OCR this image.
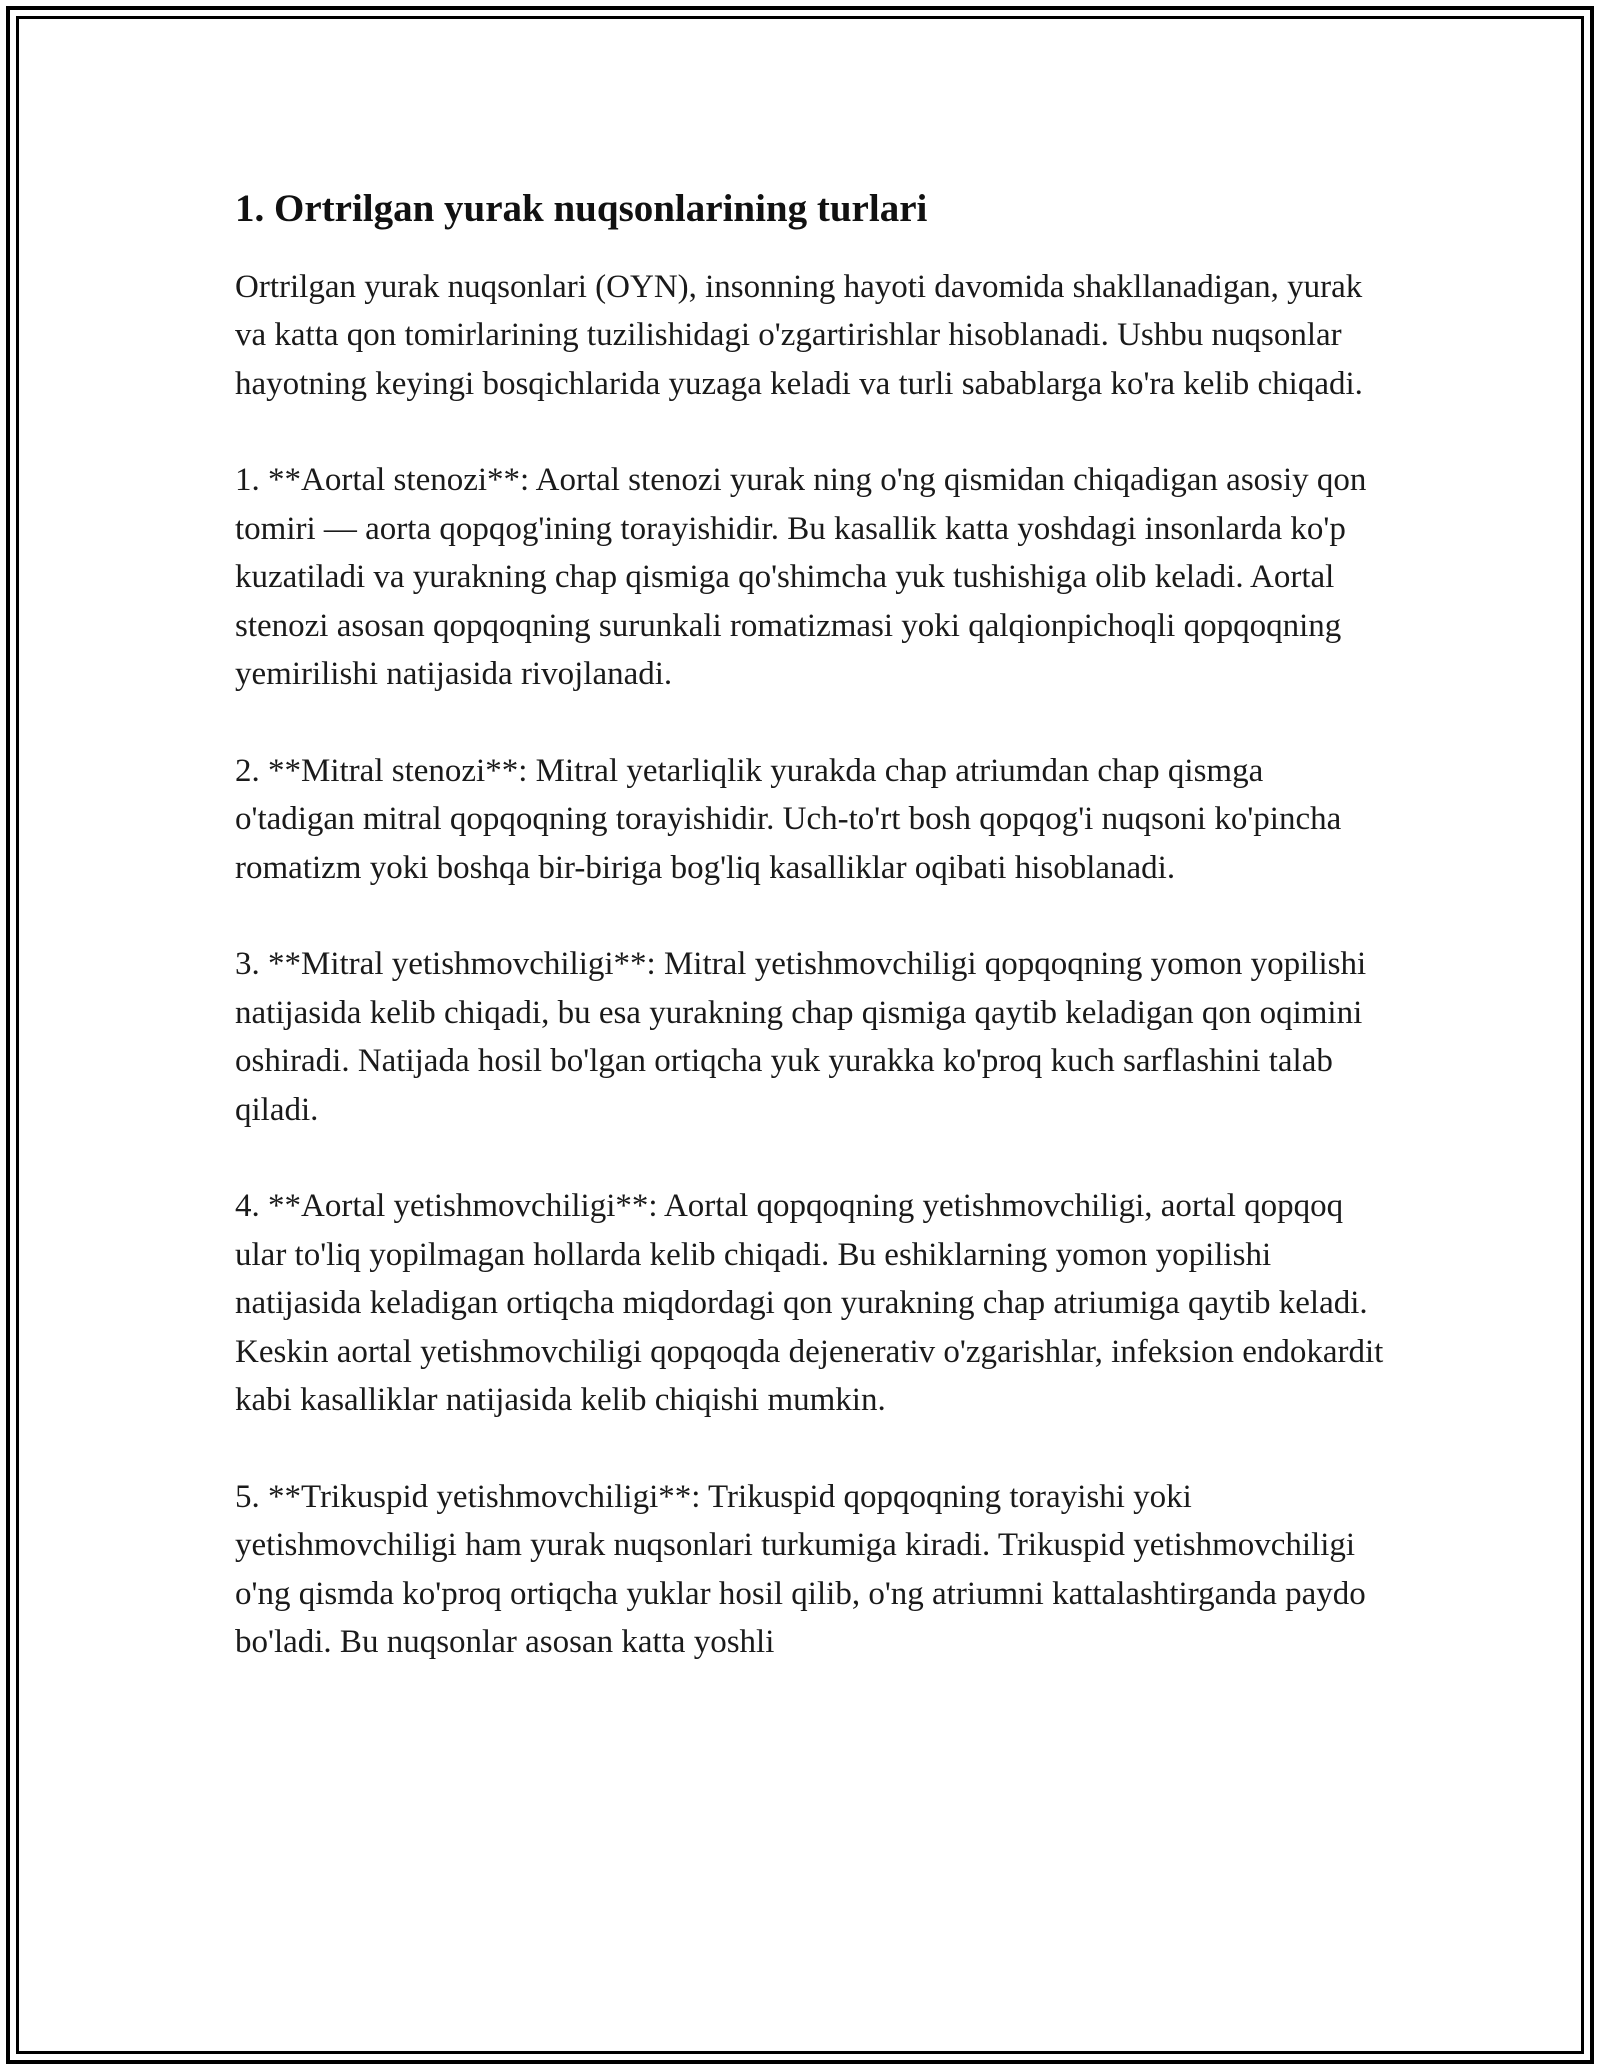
1. Ortrilgan yurak nuqsonlarining turlari

Ortrilgan yurak nuqsonlari (OYN), insonning hayoti davomida shakllanadigan, yurak va katta qon tomirlarining tuzilishidagi o'zgartirishlar hisoblanadi. Ushbu nuqsonlar hayotning keyingi bosqichlarida yuzaga keladi va turli sabablarga ko'ra kelib chiqadi.

1. **Aortal stenozi**: Aortal stenozi yurak ning o'ng qismidan chiqadigan asosiy qon tomiri — aorta qopqog'ining torayishidir. Bu kasallik katta yoshdagi insonlarda ko'p kuzatiladi va yurakning chap qismiga qo'shimcha yuk tushishiga olib keladi. Aortal stenozi asosan qopqoqning surunkali romatizmasi yoki qalqionpichoqli qopqoqning yemirilishi natijasida rivojlanadi.

2. **Mitral stenozi**: Mitral yetarliqlik yurakda chap atriumdan chap qismga o'tadigan mitral qopqoqning torayishidir. Uch-to'rt bosh qopqog'i nuqsoni ko'pincha romatizm yoki boshqa bir-biriga bog'liq kasalliklar oqibati hisoblanadi.

3. **Mitral yetishmovchiligi**: Mitral yetishmovchiligi qopqoqning yomon yopilishi natijasida kelib chiqadi, bu esa yurakning chap qismiga qaytib keladigan qon oqimini oshiradi. Natijada hosil bo'lgan ortiqcha yuk yurakka ko'proq kuch sarflashini talab qiladi.

4. **Aortal yetishmovchiligi**: Aortal qopqoqning yetishmovchiligi, aortal qopqoq ular to'liq yopilmagan hollarda kelib chiqadi. Bu eshiklarning yomon yopilishi natijasida keladigan ortiqcha miqdordagi qon yurakning chap atriumiga qaytib keladi. Keskin aortal yetishmovchiligi qopqoqda dejenerativ o'zgarishlar, infeksion endokardit kabi kasalliklar natijasida kelib chiqishi mumkin.

5. **Trikuspid yetishmovchiligi**: Trikuspid qopqoqning torayishi yoki yetishmovchiligi ham yurak nuqsonlari turkumiga kiradi. Trikuspid yetishmovchiligi o'ng qismda ko'proq ortiqcha yuklar hosil qilib, o'ng atriumni kattalashtirganda paydo bo'ladi. Bu nuqsonlar asosan katta yoshli
